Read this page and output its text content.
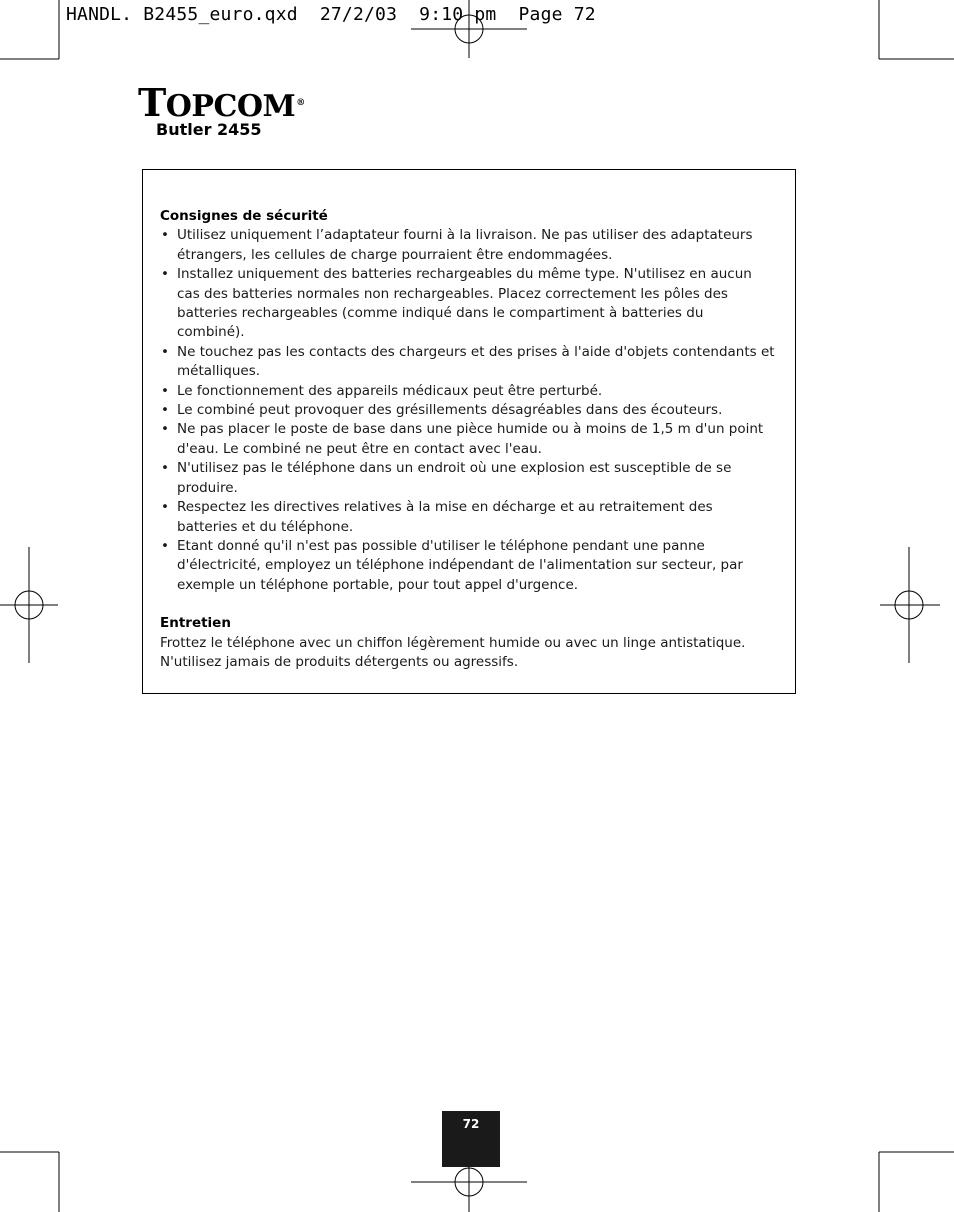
HANDL. B2455_euro.qxd  27/2/03  9:10 pm  Page 72
TOPCOM®
Butler 2455
Consignes de sécurité
• Utilisez uniquement l’adaptateur fourni à la livraison. Ne pas utiliser des adaptateurs étrangers, les cellules de charge pourraient être endommagées.
• Installez uniquement des batteries rechargeables du même type. N'utilisez en aucun cas des batteries normales non rechargeables. Placez correctement les pôles des batteries rechargeables (comme indiqué dans le compartiment à batteries du combiné).
• Ne touchez pas les contacts des chargeurs et des prises à l'aide d'objets contendants et métalliques.
• Le fonctionnement des appareils médicaux peut être perturbé.
• Le combiné peut provoquer des grésillements désagréables dans des écouteurs.
• Ne pas placer le poste de base dans une pièce humide ou à moins de 1,5 m d'un point d'eau. Le combiné ne peut être en contact avec l'eau.
• N'utilisez pas le téléphone dans un endroit où une explosion est susceptible de se produire.
• Respectez les directives relatives à la mise en décharge et au retraitement des batteries et du téléphone.
• Etant donné qu'il n'est pas possible d'utiliser le téléphone pendant une panne d'électricité, employez un téléphone indépendant de l'alimentation sur secteur, par exemple un téléphone portable, pour tout appel d'urgence.
Entretien
Frottez le téléphone avec un chiffon légèrement humide ou avec un linge antistatique.
N'utilisez jamais de produits détergents ou agressifs.
72
